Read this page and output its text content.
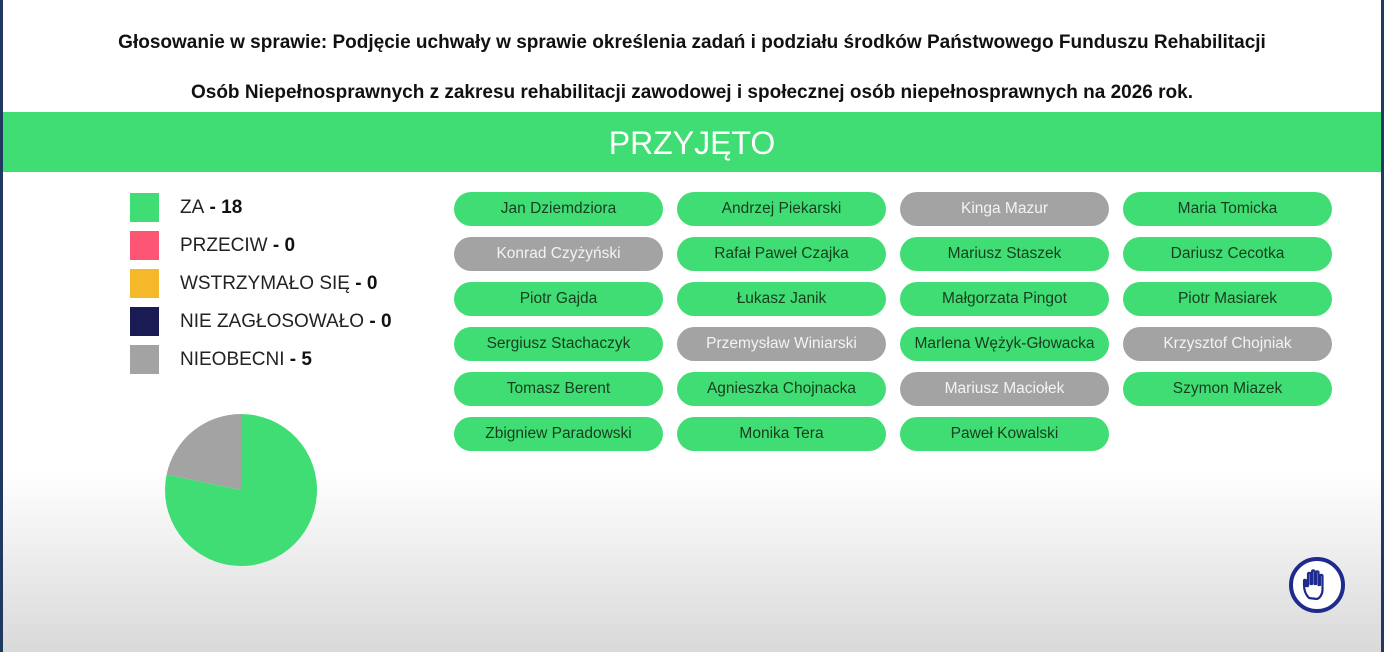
Głosowanie w sprawie: Podjęcie uchwały w sprawie określenia zadań i podziału środków Państwowego Funduszu Rehabilitacji
Osób Niepełnosprawnych z zakresu rehabilitacji zawodowej i społecznej osób niepełnosprawnych na 2026 rok.
PRZYJĘTO
ZA - 18
PRZECIW - 0
WSTRZYMAŁO SIĘ - 0
NIE ZAGŁOSOWAŁO - 0
NIEOBECNI - 5
Jan Dziemdziora	Andrzej Piekarski	Kinga Mazur	Maria Tomicka
Konrad Czyżyński	Rafał Paweł Czajka	Mariusz Staszek	Dariusz Cecotka
Piotr Gajda	Łukasz Janik	Małgorzata Pingot	Piotr Masiarek
Sergiusz Stachaczyk	Przemysław Winiarski	Marlena Wężyk-Głowacka	Krzysztof Chojniak
Tomasz Berent	Agnieszka Chojnacka	Mariusz Maciołek	Szymon Miazek
Zbigniew Paradowski	Monika Tera	Paweł Kowalski
